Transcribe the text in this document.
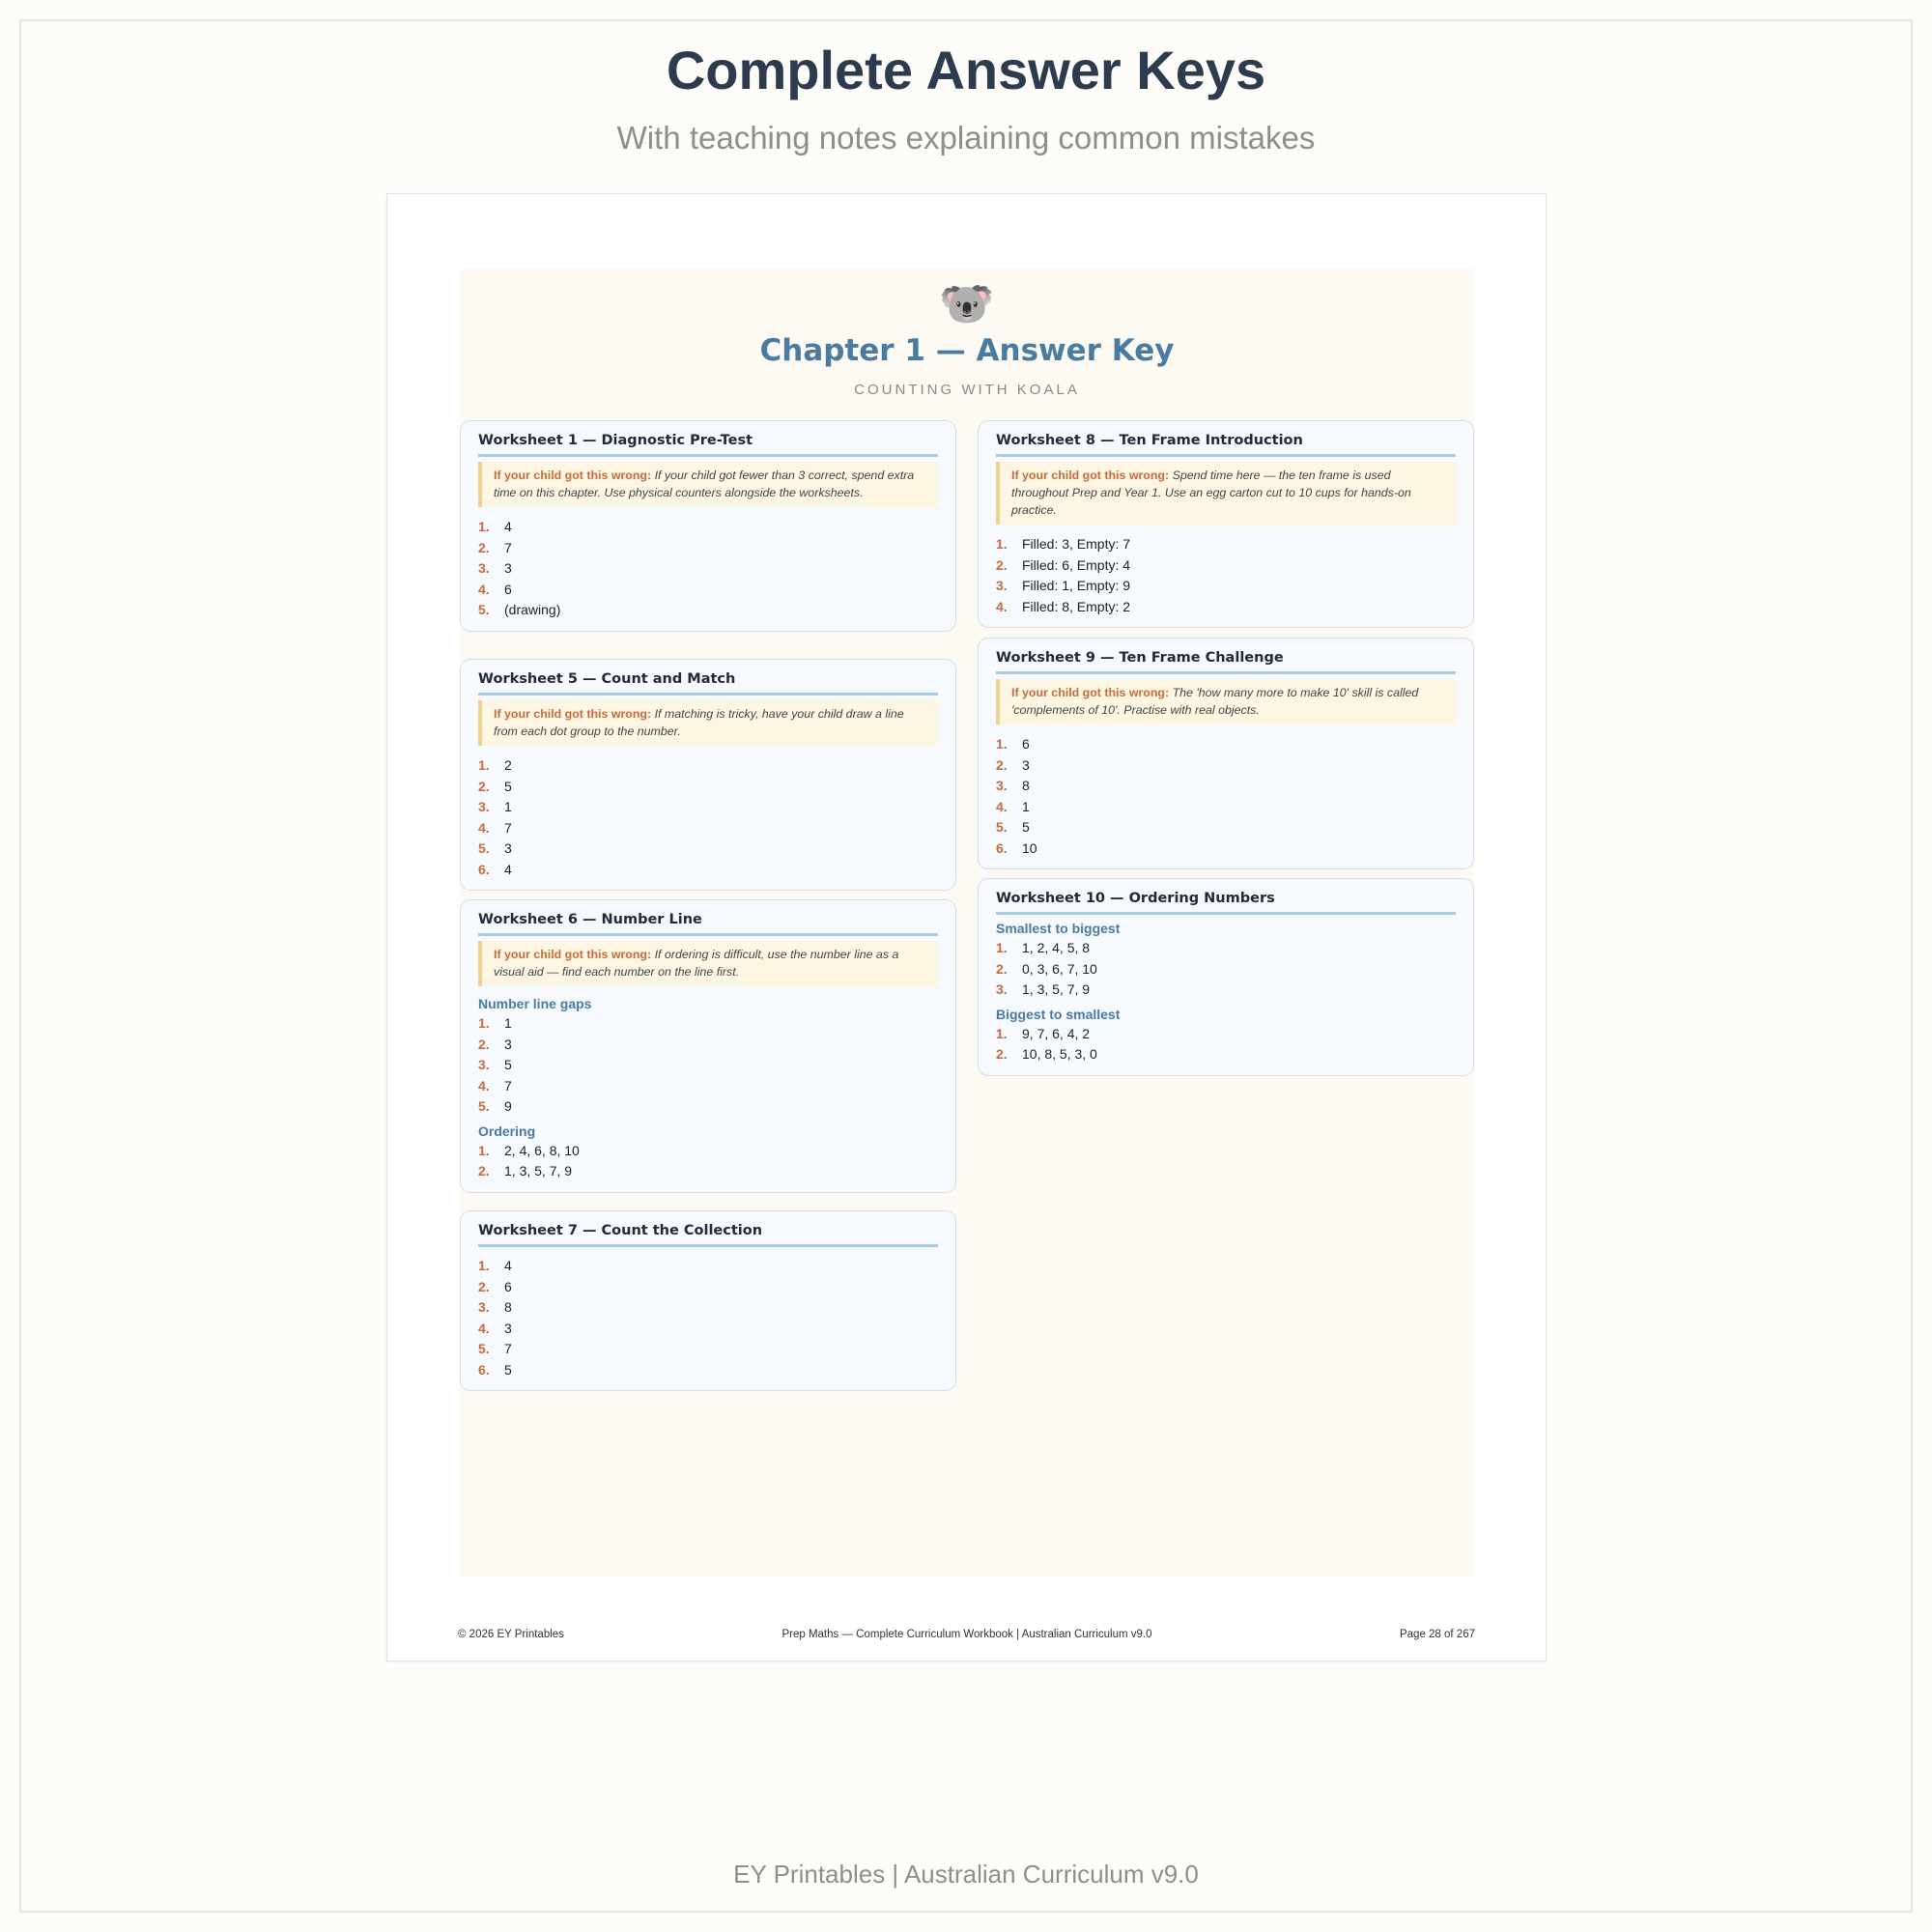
Complete Answer Keys
With teaching notes explaining common mistakes
🐨
Chapter 1 — Answer Key
COUNTING WITH KOALA
Worksheet 1 — Diagnostic Pre-Test
If your child got this wrong: If your child got fewer than 3 correct, spend extra time on this chapter. Use physical counters alongside the worksheets.
1.	4
2.	7
3.	3
4.	6
5.	(drawing)
Worksheet 5 — Count and Match
If your child got this wrong: If matching is tricky, have your child draw a line from each dot group to the number.
1.	2
2.	5
3.	1
4.	7
5.	3
6.	4
Worksheet 6 — Number Line
If your child got this wrong: If ordering is difficult, use the number line as a visual aid — find each number on the line first.
Number line gaps
1.	1
2.	3
3.	5
4.	7
5.	9
Ordering
1.	2, 4, 6, 8, 10
2.	1, 3, 5, 7, 9
Worksheet 7 — Count the Collection
1.	4
2.	6
3.	8
4.	3
5.	7
6.	5
Worksheet 8 — Ten Frame Introduction
If your child got this wrong: Spend time here — the ten frame is used throughout Prep and Year 1. Use an egg carton cut to 10 cups for hands-on practice.
1.	Filled: 3, Empty: 7
2.	Filled: 6, Empty: 4
3.	Filled: 1, Empty: 9
4.	Filled: 8, Empty: 2
Worksheet 9 — Ten Frame Challenge
If your child got this wrong: The 'how many more to make 10' skill is called 'complements of 10'. Practise with real objects.
1.	6
2.	3
3.	8
4.	1
5.	5
6.	10
Worksheet 10 — Ordering Numbers
Smallest to biggest
1.	1, 2, 4, 5, 8
2.	0, 3, 6, 7, 10
3.	1, 3, 5, 7, 9
Biggest to smallest
1.	9, 7, 6, 4, 2
2.	10, 8, 5, 3, 0
© 2026 EY Printables	Prep Maths — Complete Curriculum Workbook | Australian Curriculum v9.0	Page 28 of 267
EY Printables | Australian Curriculum v9.0
